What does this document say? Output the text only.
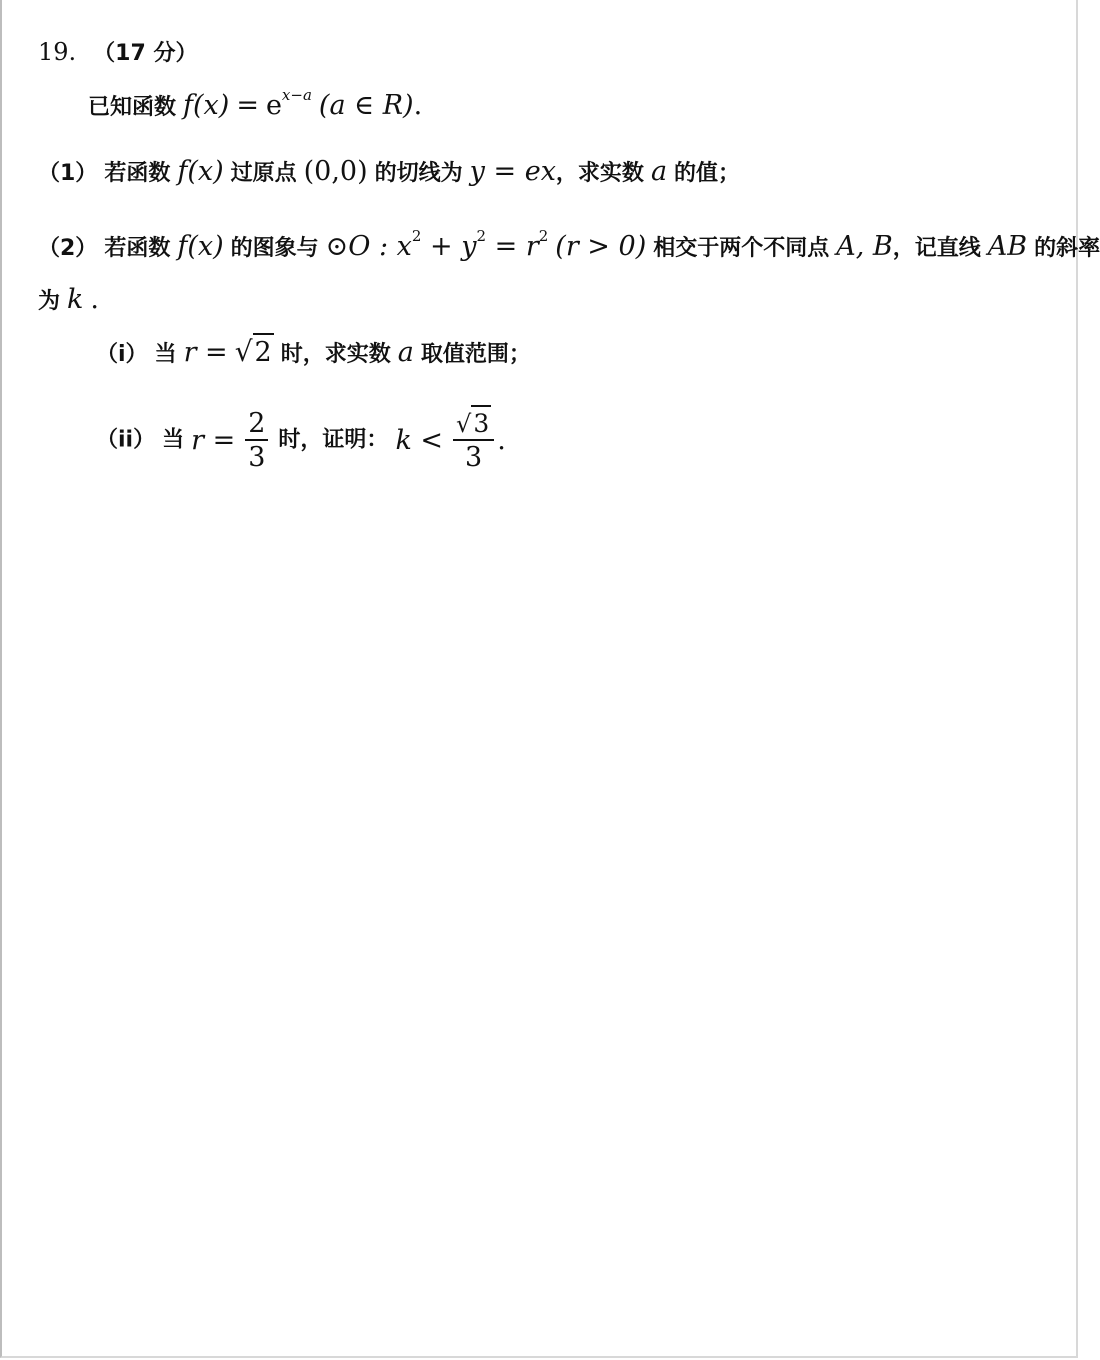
19. （17 分）
已知函数 $f(x) = e^{x-a}$ (a ∈ R).
（1） 若函数 f(x) 过原点 (0,0) 的切线为 y = ex，求实数 a 的值；
（2） 若函数 f(x) 的图象与 ⊙O : $x^2 + y^2 = r^2$ (r > 0) 相交于两个不同点 A, B，记直线 AB 的斜率
为 k .
（i） 当 r = √2 时，求实数 a 取值范围；
（ii） 当 $r = \frac{2}{3}$ 时，证明： $k < \frac{√3}{3}$ .
